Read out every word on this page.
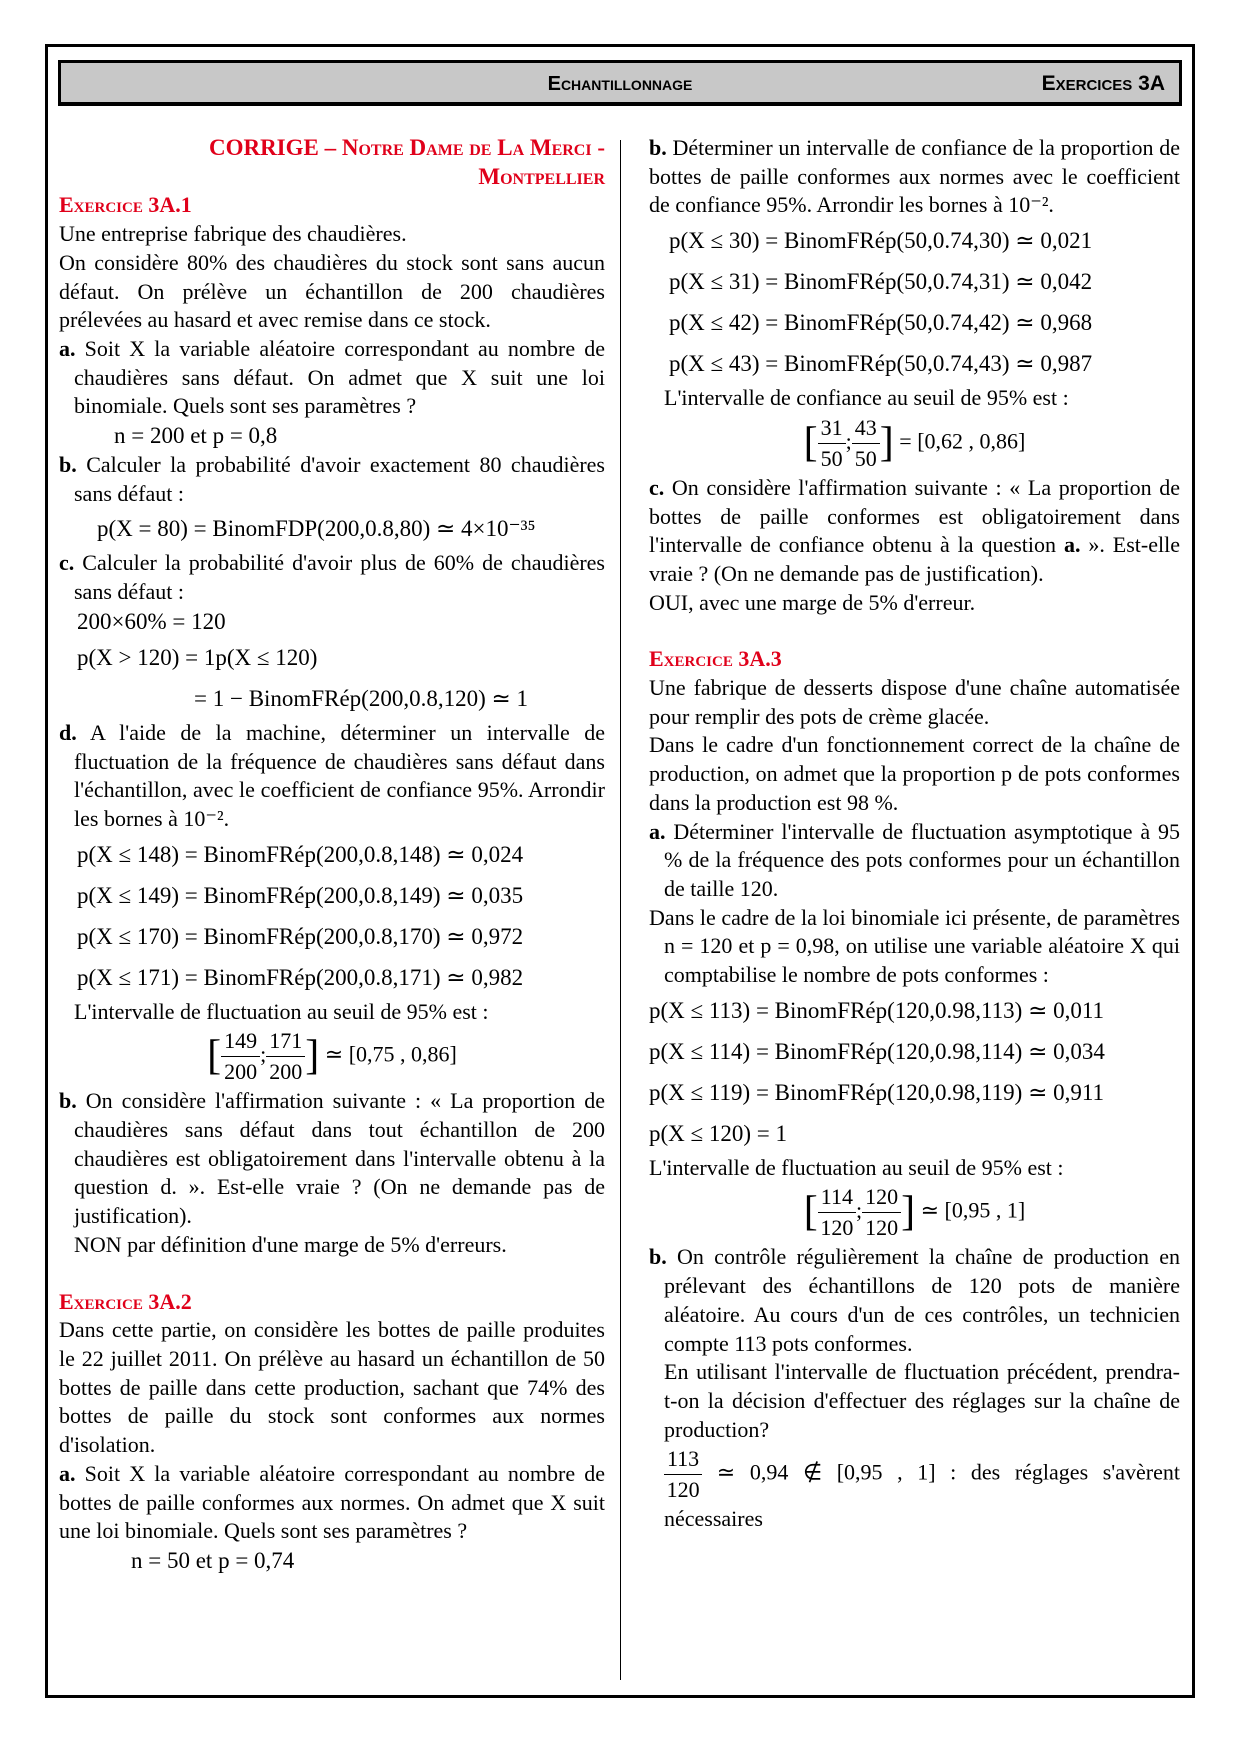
Echantillonnage	Exercices 3A

CORRIGE – Notre Dame de La Merci -

Montpellier

Exercice 3A.1

Une entreprise fabrique des chaudières.

On considère 80% des chaudières du stock sont sans aucun défaut. On prélève un échantillon de 200 chaudières prélevées au hasard et avec remise dans ce stock.

a. Soit X la variable aléatoire correspondant au nombre de chaudières sans défaut. On admet que X suit une loi binomiale. Quels sont ses paramètres ?

n = 200 et p = 0,8

b. Calculer la probabilité d'avoir exactement 80 chaudières sans défaut :

p(X = 80) = BinomFDP(200,0.8,80) ≃ 4×10⁻³⁵

c. Calculer la probabilité d'avoir plus de 60% de chaudières sans défaut :

200×60% = 120

p(X > 120) = 1p(X ≤ 120)

= 1 − BinomFRép(200,0.8,120) ≃ 1

d. A l'aide de la machine, déterminer un intervalle de fluctuation de la fréquence de chaudières sans défaut dans l'échantillon, avec le coefficient de confiance 95%. Arrondir les bornes à 10⁻².

p(X ≤ 148) = BinomFRép(200,0.8,148) ≃ 0,024

p(X ≤ 149) = BinomFRép(200,0.8,149) ≃ 0,035

p(X ≤ 170) = BinomFRép(200,0.8,170) ≃ 0,972

p(X ≤ 171) = BinomFRép(200,0.8,171) ≃ 0,982

L'intervalle de fluctuation au seuil de 95% est :

[ $\frac{149}{200}$ ; $\frac{171}{200}$ ] ≃ [0,75 , 0,86]

b. On considère l'affirmation suivante : « La proportion de chaudières sans défaut dans tout échantillon de 200 chaudières est obligatoirement dans l'intervalle obtenu à la question d. ». Est-elle vraie ? (On ne demande pas de justification).

NON par définition d'une marge de 5% d'erreurs.

Exercice 3A.2

Dans cette partie, on considère les bottes de paille produites le 22 juillet 2011. On prélève au hasard un échantillon de 50 bottes de paille dans cette production, sachant que 74% des bottes de paille du stock sont conformes aux normes d'isolation.

a. Soit X la variable aléatoire correspondant au nombre de bottes de paille conformes aux normes. On admet que X suit une loi binomiale. Quels sont ses paramètres ?

n = 50 et p = 0,74

b. Déterminer un intervalle de confiance de la proportion de bottes de paille conformes aux normes avec le coefficient de confiance 95%. Arrondir les bornes à 10⁻².

p(X ≤ 30) = BinomFRép(50,0.74,30) ≃ 0,021

p(X ≤ 31) = BinomFRép(50,0.74,31) ≃ 0,042

p(X ≤ 42) = BinomFRép(50,0.74,42) ≃ 0,968

p(X ≤ 43) = BinomFRép(50,0.74,43) ≃ 0,987

L'intervalle de confiance au seuil de 95% est :

[ $\frac{31}{50}$ ; $\frac{43}{50}$ ] = [0,62 , 0,86]

c. On considère l'affirmation suivante : « La proportion de bottes de paille conformes est obligatoirement dans l'intervalle de confiance obtenu à la question a. ». Est-elle vraie ? (On ne demande pas de justification).

OUI, avec une marge de 5% d'erreur.

Exercice 3A.3

Une fabrique de desserts dispose d'une chaîne automatisée pour remplir des pots de crème glacée.

Dans le cadre d'un fonctionnement correct de la chaîne de production, on admet que la proportion p de pots conformes dans la production est 98 %.

a. Déterminer l'intervalle de fluctuation asymptotique à 95 % de la fréquence des pots conformes pour un échantillon de taille 120.

Dans le cadre de la loi binomiale ici présente, de paramètres n = 120 et p = 0,98, on utilise une variable aléatoire X qui comptabilise le nombre de pots conformes :

p(X ≤ 113) = BinomFRép(120,0.98,113) ≃ 0,011

p(X ≤ 114) = BinomFRép(120,0.98,114) ≃ 0,034

p(X ≤ 119) = BinomFRép(120,0.98,119) ≃ 0,911

p(X ≤ 120) = 1

L'intervalle de fluctuation au seuil de 95% est :

[ $\frac{114}{120}$ ; $\frac{120}{120}$ ] ≃ [0,95 , 1]

b. On contrôle régulièrement la chaîne de production en prélevant des échantillons de 120 pots de manière aléatoire. Au cours d'un de ces contrôles, un technicien compte 113 pots conformes.

En utilisant l'intervalle de fluctuation précédent, prendra-t-on la décision d'effectuer des réglages sur la chaîne de production?

$\frac{113}{120}$ ≃ 0,94 ∉ [0,95 , 1] : des réglages s'avèrent nécessaires
